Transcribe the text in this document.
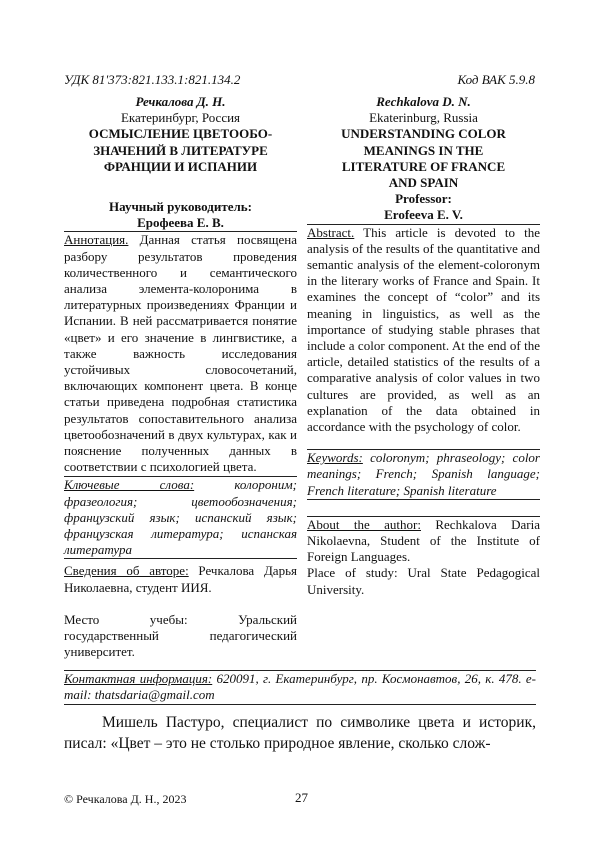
УДК 81'373:821.133.1:821.134.2	Код ВАК 5.9.8
Речкалова Д. Н.
Екатеринбург, Россия
ОСМЫСЛЕНИЕ ЦВЕТООБО-
ЗНАЧЕНИЙ В ЛИТЕРАТУРЕ
ФРАНЦИИ И ИСПАНИИ
Научный руководитель:
Ерофеева Е. В.
Аннотация. Данная статья посвящена разбору результатов проведения количественного и семантического анализа элемента-колоронима в литературных произведениях Франции и Испании. В ней рассматривается понятие «цвет» и его значение в лингвистике, а также важность исследования устойчивых словосочетаний, включающих компонент цвета. В конце статьи приведена подробная статистика результатов сопоставительного анализа цветообозначений в двух культурах, как и пояснение полученных данных в соответствии с психологией цвета.
Ключевые слова: колороним; фразеология; цветообозначения; французский язык; испанский язык; французская литература; испанская литература
Сведения об авторе: Речкалова Дарья Николаевна, студент ИИЯ.
Место учебы: Уральский государственный педагогический университет.
Rechkalova D. N.
Ekaterinburg, Russia
UNDERSTANDING COLOR
MEANINGS IN THE
LITERATURE OF FRANCE
AND SPAIN
Professor:
Erofeeva E. V.
Abstract. This article is devoted to the analysis of the results of the quantitative and semantic analysis of the element-coloronym in the literary works of France and Spain. It examines the concept of “color” and its meaning in linguistics, as well as the importance of studying stable phrases that include a color component. At the end of the article, detailed statistics of the results of a comparative analysis of color values in two cultures are provided, as well as an explanation of the data obtained in accordance with the psychology of color.
Keywords: coloronym; phraseology; color meanings; French; Spanish language; French literature; Spanish literature
About the author: Rechkalova Daria Nikolaevna, Student of the Institute of Foreign Languages.
Place of study: Ural State Pedagogical University.
Контактная информация: 620091, г. Екатеринбург, пр. Космонавтов, 26, к. 478. e-mail: thatsdaria@gmail.com

Мишель Пастуро, специалист по символике цвета и историк, писал: «Цвет – это не столько природное явление, сколько слож-

© Речкалова Д. Н., 2023	27
